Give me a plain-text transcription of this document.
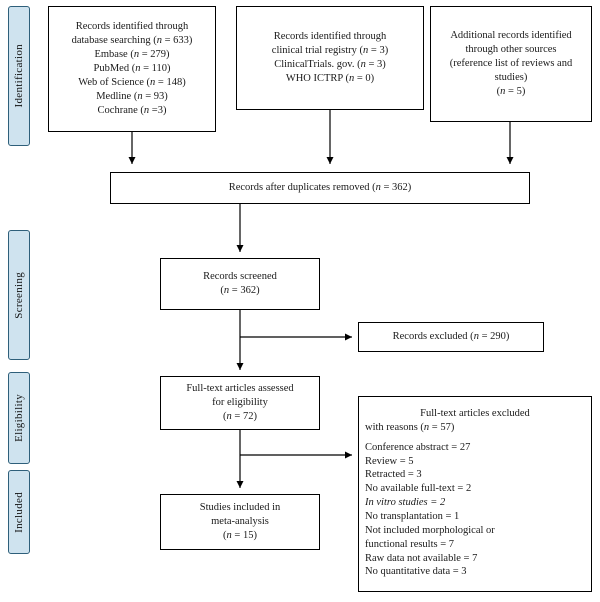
Identification
Screening
Eligibility
Included
Records identified through
database searching (n = 633)
Embase (n = 279)
PubMed (n = 110)
Web of Science (n = 148)
Medline (n = 93)
Cochrane (n =3)
Records identified through
clinical trial registry (n = 3)
ClinicalTrials. gov. (n = 3)
WHO ICTRP (n = 0)
Additional records identified
through other sources
(reference list of reviews and
studies)
(n = 5)
Records after duplicates removed (n = 362)
Records screened
(n = 362)
Records excluded (n = 290)
Full-text articles assessed
for eligibility
(n = 72)	Full-text articles excluded
with reasons (n = 57)
Conference abstract = 27
Review = 5
Retracted = 3
No available full-text = 2
In vitro studies = 2
No transplantation = 1
Not included morphological or
functional results = 7
Raw data not available = 7
No quantitative data = 3
Studies included in
meta-analysis
(n = 15)
